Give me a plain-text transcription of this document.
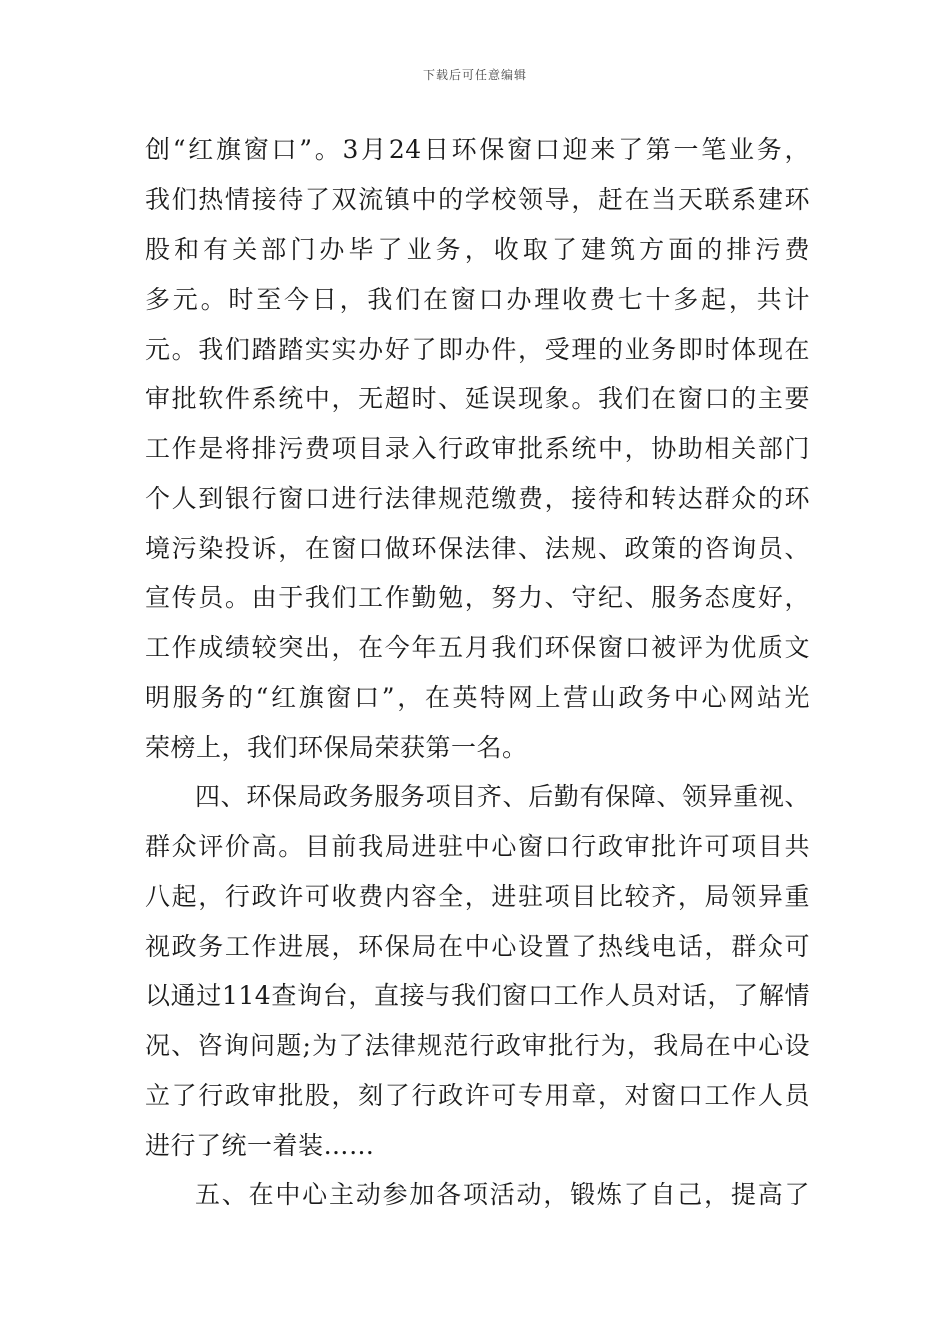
下载后可任意编辑
创“红旗窗口”。3月24日环保窗口迎来了第一笔业务，
我们热情接待了双流镇中的学校领导，赶在当天联系建环
股和有关部门办毕了业务，收取了建筑方面的排污费
多元。时至今日，我们在窗口办理收费七十多起，共计
元。我们踏踏实实办好了即办件，受理的业务即时体现在
审批软件系统中，无超时、延误现象。我们在窗口的主要
工作是将排污费项目录入行政审批系统中，协助相关部门
个人到银行窗口进行法律规范缴费，接待和转达群众的环
境污染投诉，在窗口做环保法律、法规、政策的咨询员、
宣传员。由于我们工作勤勉，努力、守纪、服务态度好，
工作成绩较突出，在今年五月我们环保窗口被评为优质文
明服务的“红旗窗口”，在英特网上营山政务中心网站光
荣榜上，我们环保局荣获第一名。
四、环保局政务服务项目齐、后勤有保障、领异重视、
群众评价高。目前我局进驻中心窗口行政审批许可项目共
八起，行政许可收费内容全，进驻项目比较齐，局领异重
视政务工作进展，环保局在中心设置了热线电话，群众可
以通过114查询台，直接与我们窗口工作人员对话，了解情
况、咨询问题;为了法律规范行政审批行为，我局在中心设
立了行政审批股，刻了行政许可专用章，对窗口工作人员
进行了统一着装……
五、在中心主动参加各项活动，锻炼了自己，提高了
